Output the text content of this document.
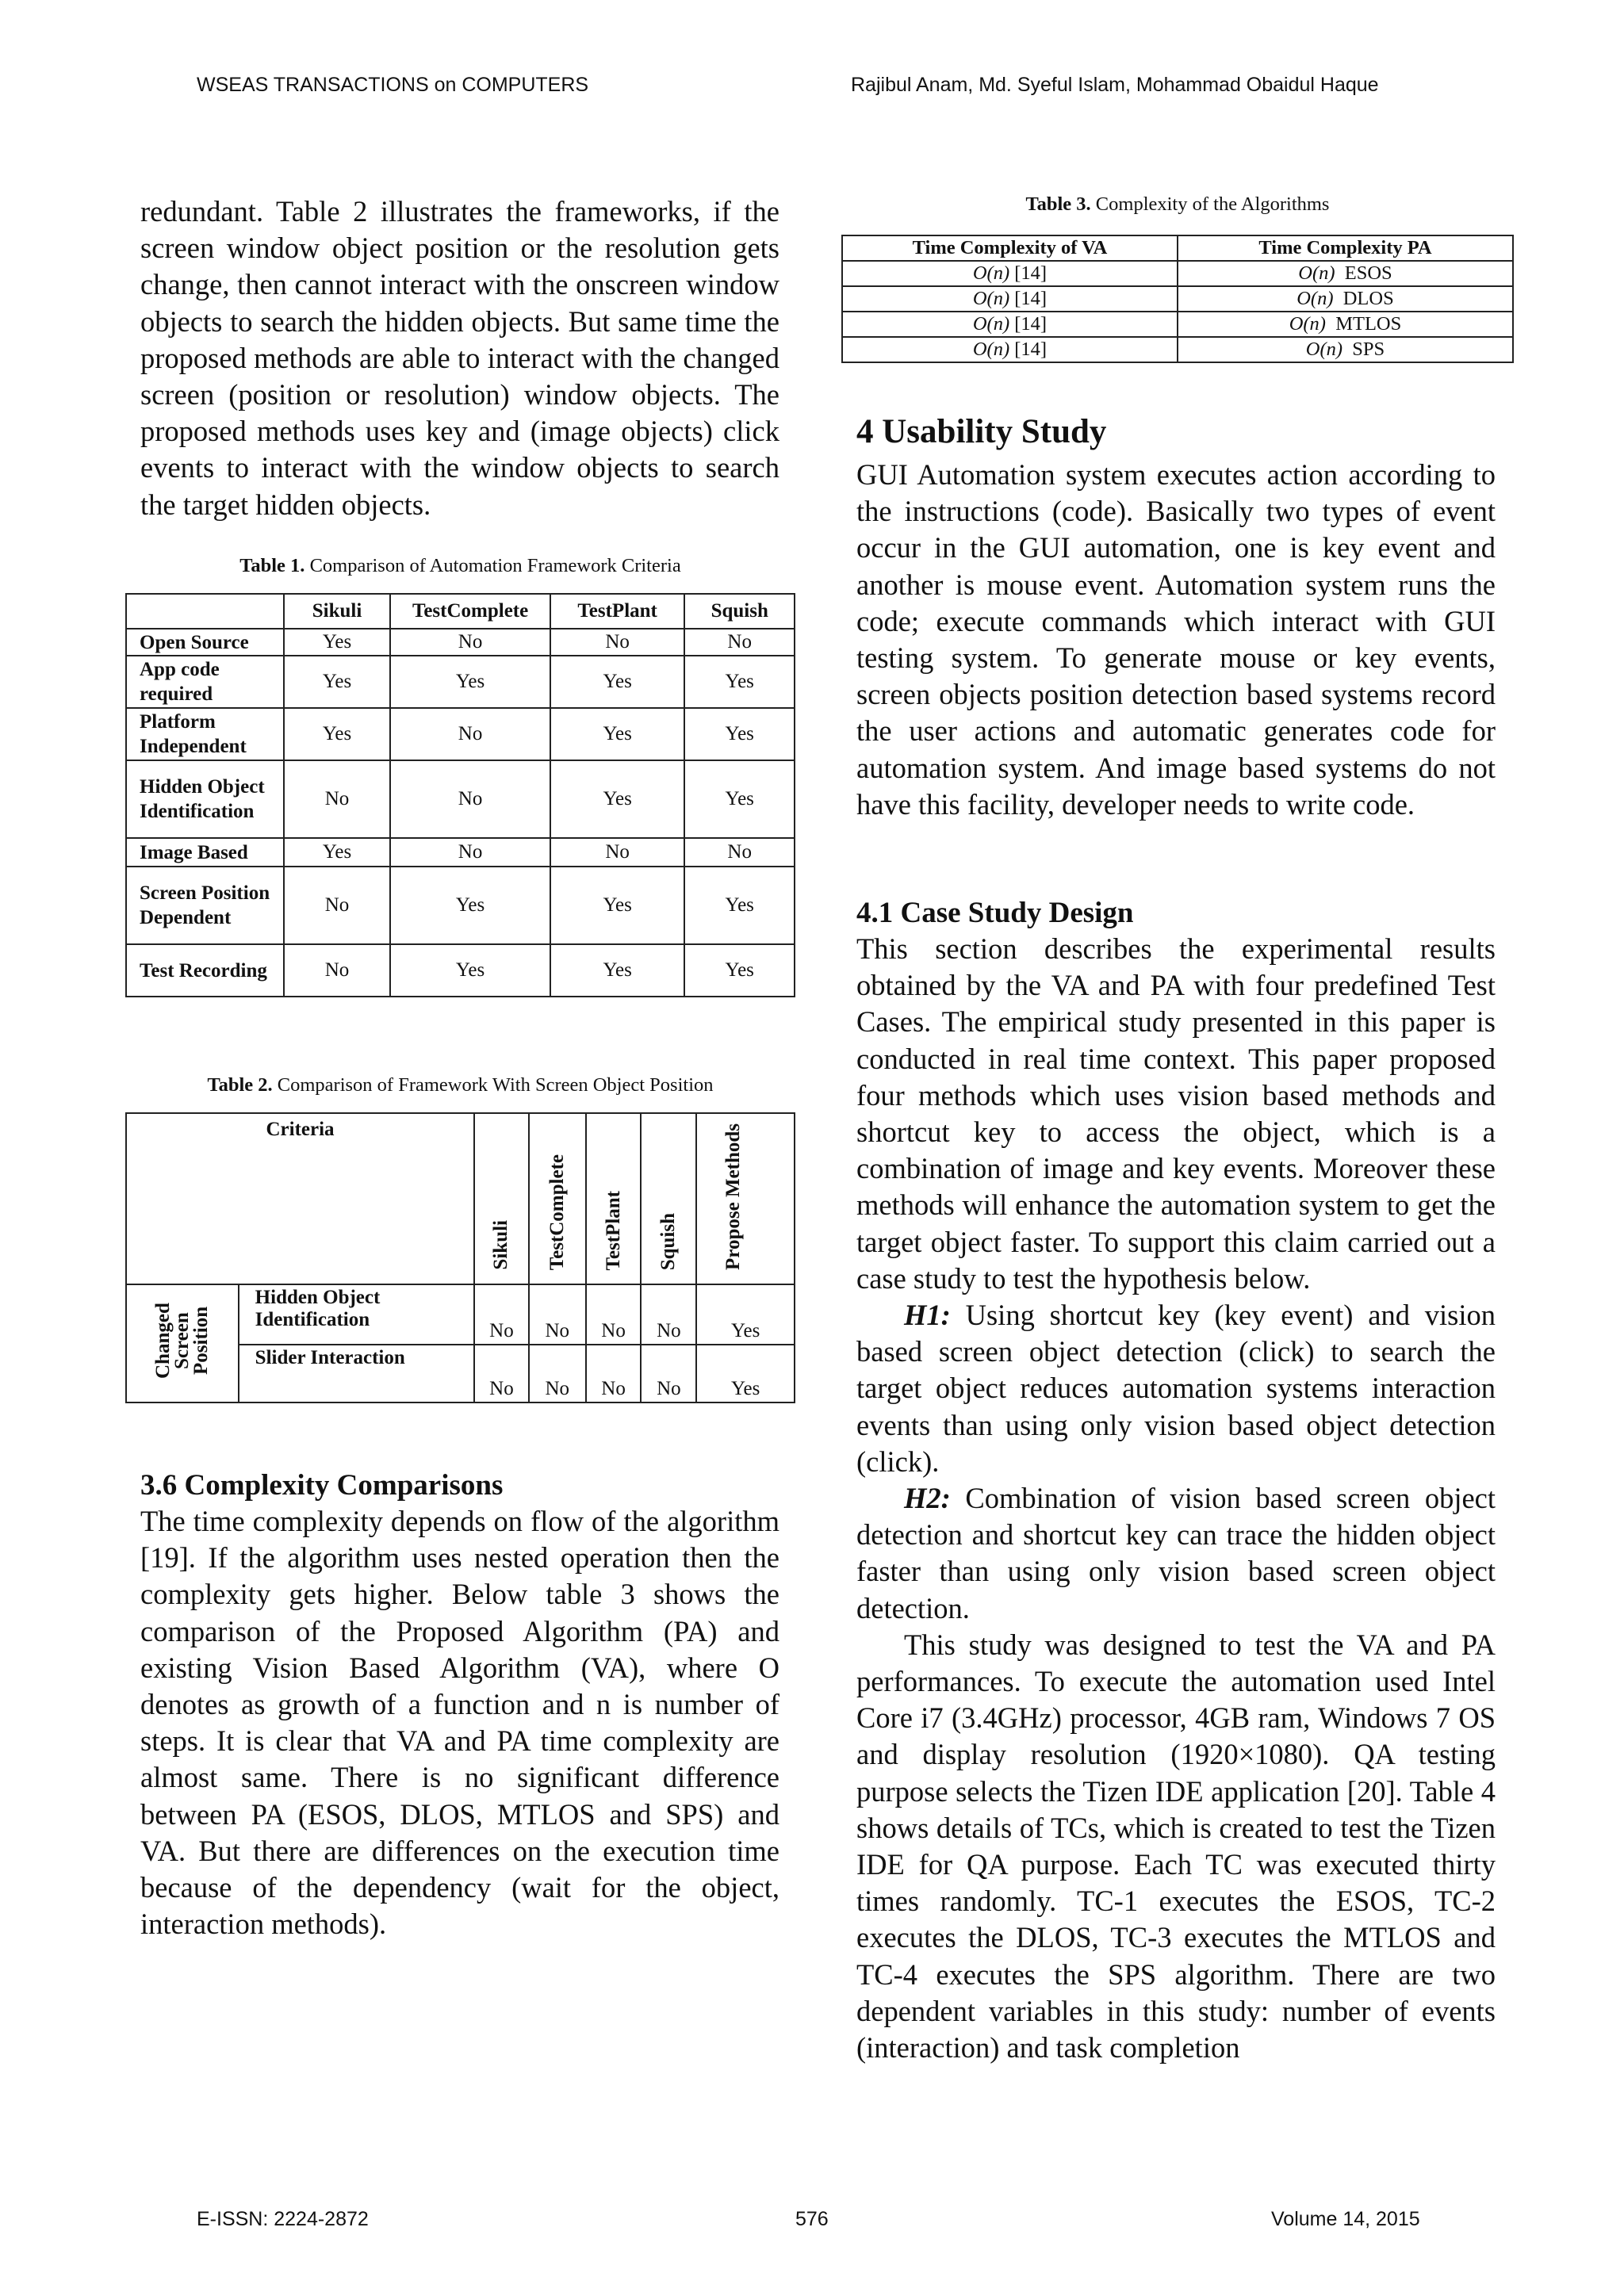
WSEAS TRANSACTIONS on COMPUTERS	Rajibul Anam, Md. Syeful Islam, Mohammad Obaidul Haque

redundant. Table 2 illustrates the frameworks, if the screen window object position or the resolution gets change, then cannot interact with the onscreen window objects to search the hidden objects. But same time the proposed methods are able to interact with the changed screen (position or resolution) window objects. The proposed methods uses key and (image objects) click events to interact with the window objects to search the target hidden objects.

Table 1. Comparison of Automation Framework Criteria
	Sikuli	TestComplete	TestPlant	Squish
Open Source	Yes	No	No	No
App code required	Yes	Yes	Yes	Yes
Platform Independent	Yes	No	Yes	Yes
Hidden Object Identification	No	No	Yes	Yes
Image Based	Yes	No	No	No
Screen Position Dependent	No	Yes	Yes	Yes
Test Recording	No	Yes	Yes	Yes
Table 2. Comparison of Framework With Screen Object Position
Criteria		Sikuli	TestComplete	TestPlant	Squish	Propose Methods
Changed Screen Position	Hidden Object Identification	No	No	No	No	Yes
	Slider Interaction	No	No	No	No	Yes
3.6 Complexity Comparisons

The time complexity depends on flow of the algorithm [19]. If the algorithm uses nested operation then the complexity gets higher. Below table 3 shows the comparison of the Proposed Algorithm (PA) and existing Vision Based Algorithm (VA), where O denotes as growth of a function and n is number of steps. It is clear that VA and PA time complexity are almost same. There is no significant difference between PA (ESOS, DLOS, MTLOS and SPS) and VA. But there are differences on the execution time because of the dependency (wait for the object, interaction methods).

Table 3. Complexity of the Algorithms
Time Complexity of VA	Time Complexity PA
O(n) [14]	O(n)  ESOS
O(n) [14]	O(n)  DLOS
O(n) [14]	O(n)  MTLOS
O(n) [14]	O(n)  SPS
4 Usability Study

GUI Automation system executes action according to the instructions (code). Basically two types of event occur in the GUI automation, one is key event and another is mouse event. Automation system runs the code; execute commands which interact with GUI testing system. To generate mouse or key events, screen objects position detection based systems record the user actions and automatic generates code for automation system. And image based systems do not have this facility, developer needs to write code.

4.1 Case Study Design

This section describes the experimental results obtained by the VA and PA with four predefined Test Cases. The empirical study presented in this paper is conducted in real time context. This paper proposed four methods which uses vision based methods and shortcut key to access the object, which is a combination of image and key events. Moreover these methods will enhance the automation system to get the target object faster. To support this claim carried out a case study to test the hypothesis below.

H1: Using shortcut key (key event) and vision based screen object detection (click) to search the target object reduces automation systems interaction events than using only vision based object detection (click).

H2: Combination of vision based screen object detection and shortcut key can trace the hidden object faster than using only vision based screen object detection.

This study was designed to test the VA and PA performances. To execute the automation used Intel Core i7 (3.4GHz) processor, 4GB ram, Windows 7 OS and display resolution (1920×1080). QA testing purpose selects the Tizen IDE application [20]. Table 4 shows details of TCs, which is created to test the Tizen IDE for QA purpose. Each TC was executed thirty times randomly. TC-1 executes the ESOS, TC-2 executes the DLOS, TC-3 executes the MTLOS and TC-4 executes the SPS algorithm. There are two dependent variables in this study: number of events (interaction) and task completion

E-ISSN: 2224-2872	576	Volume 14, 2015
